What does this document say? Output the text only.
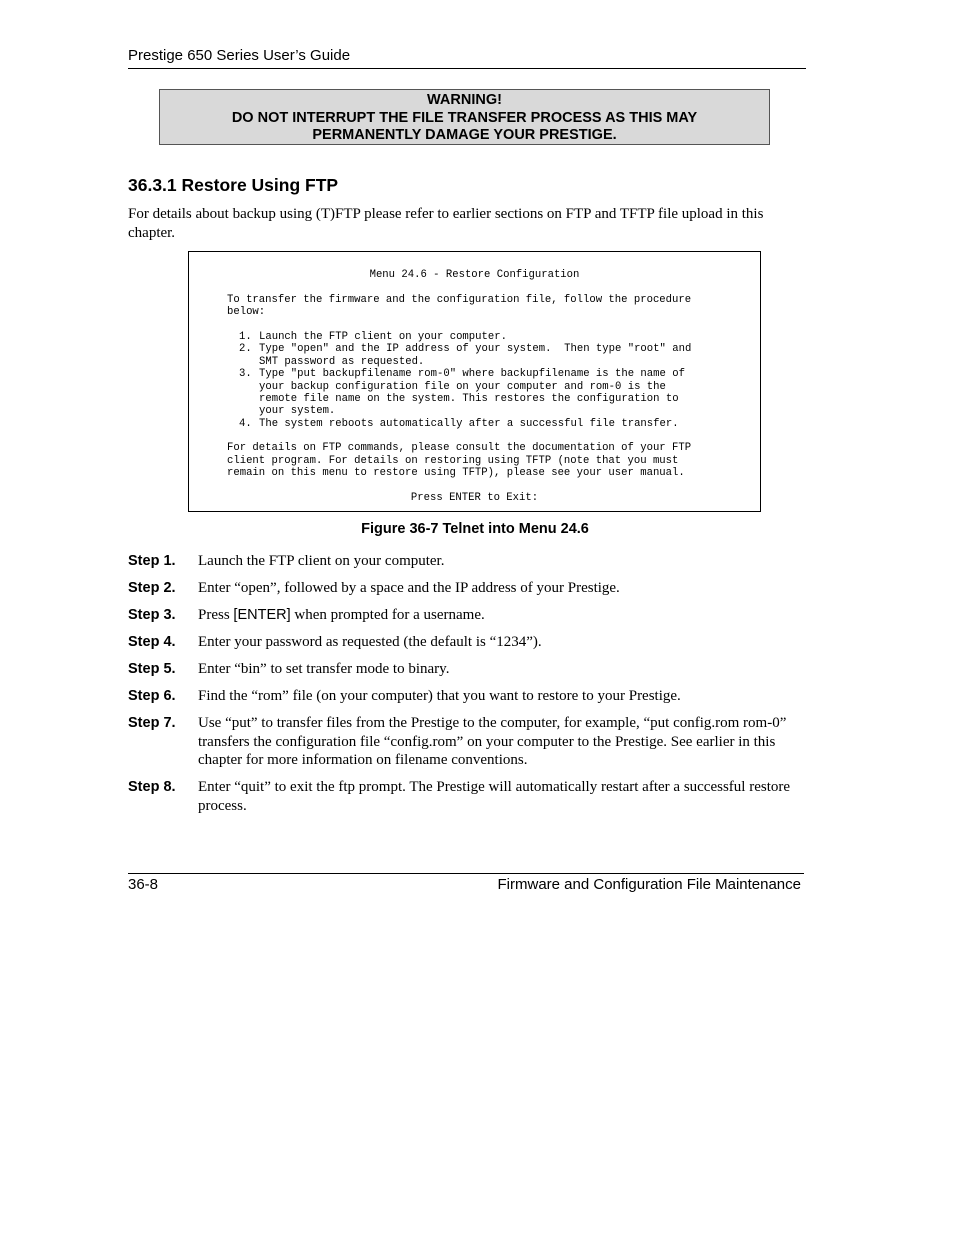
Prestige 650 Series User’s Guide
WARNING!
DO NOT INTERRUPT THE FILE TRANSFER PROCESS AS THIS MAY
PERMANENTLY DAMAGE YOUR PRESTIGE.
36.3.1 Restore Using FTP
For details about backup using (T)FTP please refer to earlier sections on FTP and TFTP file upload in this chapter.
Menu 24.6 - Restore Configuration
To transfer the firmware and the configuration file, follow the procedure
below:
1. Launch the FTP client on your computer.
2. Type "open" and the IP address of your system.  Then type "root" and
SMT password as requested.
3. Type "put backupfilename rom-0" where backupfilename is the name of
your backup configuration file on your computer and rom-0 is the
remote file name on the system. This restores the configuration to
your system.
4. The system reboots automatically after a successful file transfer.
For details on FTP commands, please consult the documentation of your FTP
client program. For details on restoring using TFTP (note that you must
remain on this menu to restore using TFTP), please see your user manual.
Press ENTER to Exit:
Figure 36-7 Telnet into Menu 24.6
Step 1. Launch the FTP client on your computer.
Step 2. Enter “open”, followed by a space and the IP address of your Prestige.
Step 3. Press [ENTER] when prompted for a username.
Step 4. Enter your password as requested (the default is “1234”).
Step 5. Enter “bin” to set transfer mode to binary.
Step 6. Find the “rom” file (on your computer) that you want to restore to your Prestige.
Step 7. Use “put” to transfer files from the Prestige to the computer, for example, “put config.rom rom-0” transfers the configuration file “config.rom” on your computer to the Prestige. See earlier in this chapter for more information on filename conventions.
Step 8. Enter “quit” to exit the ftp prompt. The Prestige will automatically restart after a successful restore process.
36-8	Firmware and Configuration File Maintenance
